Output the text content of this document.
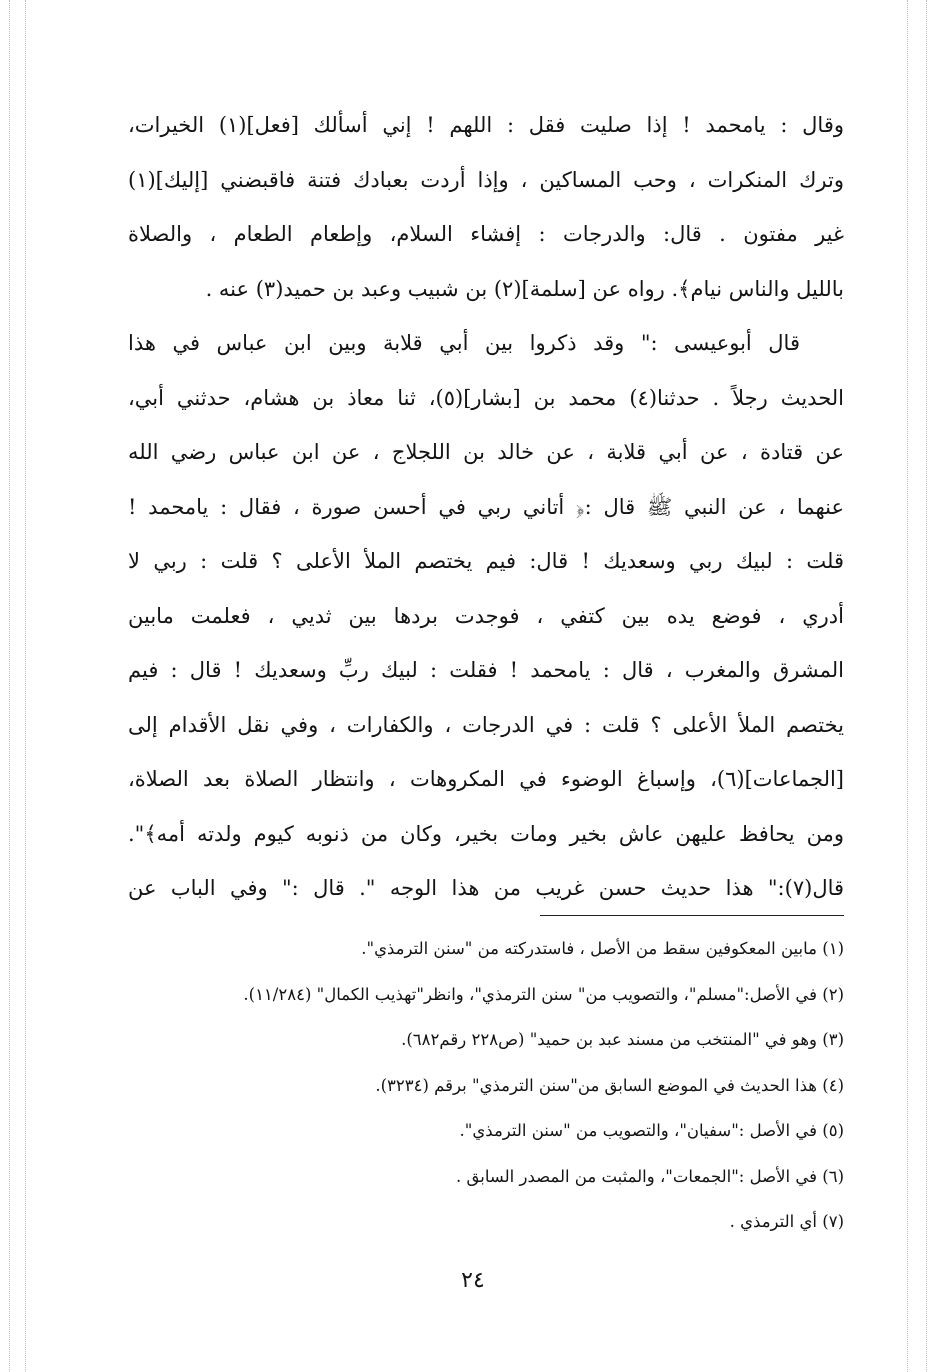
وقال : يامحمد ! إذا صليت فقل : اللهم ! إني أسألك [فعل](١) الخيرات،
وترك المنكرات ، وحب المساكين ، وإذا أردت بعبادك فتنة فاقبضني [إليك](١)
غير مفتون . قال: والدرجات : إفشاء السلام، وإطعام الطعام ، والصلاة
بالليل والناس نيام﴾. رواه عن [سلمة](٢) بن شبيب وعبد بن حميد(٣) عنه .
قال أبوعيسى :" وقد ذكروا بين أبي قلابة وبين ابن عباس في هذا
الحديث رجلاً . حدثنا(٤) محمد بن [بشار](٥)، ثنا معاذ بن هشام، حدثني أبي،
عن قتادة ، عن أبي قلابة ، عن خالد بن اللجلاج ، عن ابن عباس رضي الله
عنهما ، عن النبي ﷺ قال :﴿ أتاني ربي في أحسن صورة ، فقال : يامحمد !
قلت : لبيك ربي وسعديك ! قال: فيم يختصم الملأ الأعلى ؟ قلت : ربي لا
أدري ، فوضع يده بين كتفي ، فوجدت بردها بين ثديي ، فعلمت مابين
المشرق والمغرب ، قال : يامحمد ! فقلت : لبيك ربِّ وسعديك ! قال : فيم
يختصم الملأ الأعلى ؟ قلت : في الدرجات ، والكفارات ، وفي نقل الأقدام إلى
[الجماعات](٦)، وإسباغ الوضوء في المكروهات ، وانتظار الصلاة بعد الصلاة،
ومن يحافظ عليهن عاش بخير ومات بخير، وكان من ذنوبه كيوم ولدته أمه﴾".
قال(٧):" هذا حديث حسن غريب من هذا الوجه ". قال :" وفي الباب عن
(١) مابين المعكوفين سقط من الأصل ، فاستدركته من "سنن الترمذي".
(٢) في الأصل:"مسلم"، والتصويب من" سنن الترمذي"، وانظر"تهذيب الكمال" (١١/٢٨٤).
(٣) وهو في "المنتخب من مسند عبد بن حميد" (ص٢٢٨ رقم٦٨٢).
(٤) هذا الحديث في الموضع السابق من"سنن الترمذي" برقم (٣٢٣٤).
(٥) في الأصل :"سفيان"، والتصويب من "سنن الترمذي".
(٦) في الأصل :"الجمعات"، والمثبت من المصدر السابق .
(٧) أي الترمذي .
٢٤
